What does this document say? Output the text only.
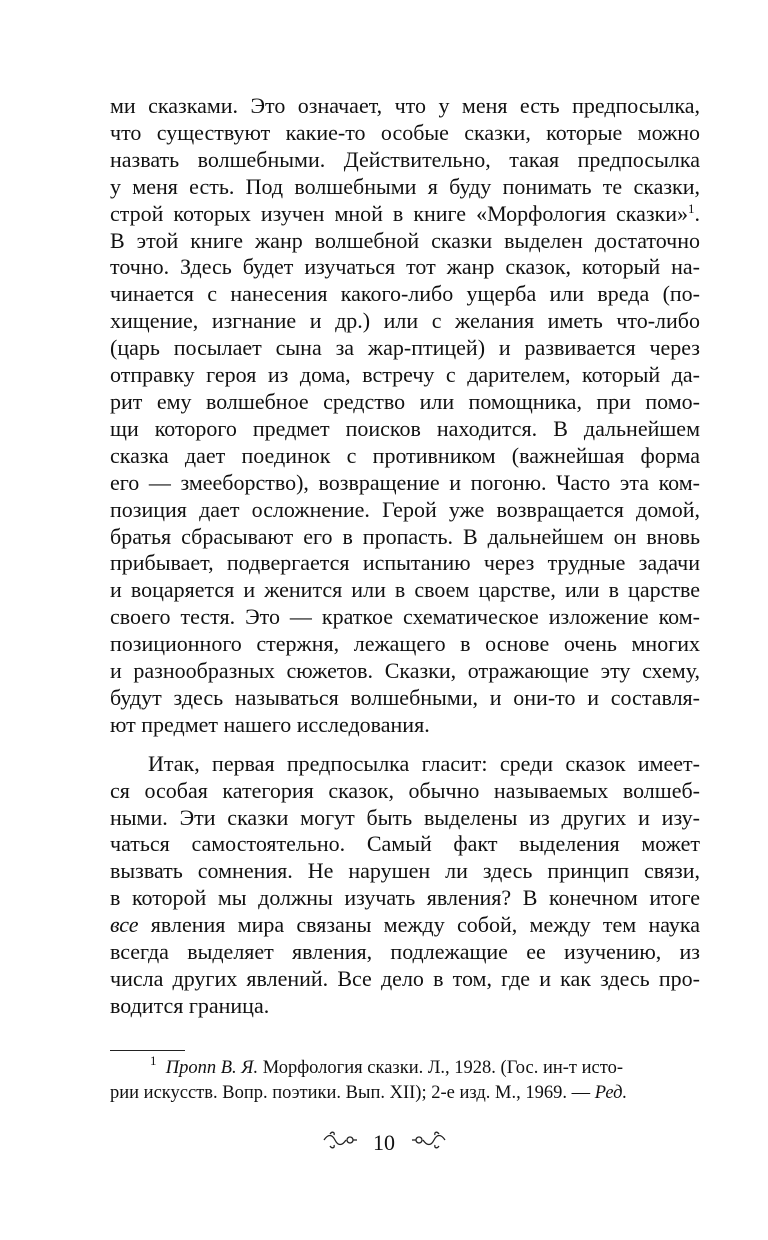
ми сказками. Это означает, что у меня есть предпосылка,
что существуют какие-то особые сказки, которые можно
назвать волшебными. Действительно, такая предпосылка
у меня есть. Под волшебными я буду понимать те сказки,
строй которых изучен мной в книге «Морфология сказки»$^1$.
В этой книге жанр волшебной сказки выделен достаточно
точно. Здесь будет изучаться тот жанр сказок, который на-
чинается с нанесения какого-либо ущерба или вреда (по-
хищение, изгнание и др.) или с желания иметь что-либо
(царь посылает сына за жар-птицей) и развивается через
отправку героя из дома, встречу с дарителем, который да-
рит ему волшебное средство или помощника, при помо-
щи которого предмет поисков находится. В дальнейшем
сказка дает поединок с противником (важнейшая форма
его — змееборство), возвращение и погоню. Часто эта ком-
позиция дает осложнение. Герой уже возвращается домой,
братья сбрасывают его в пропасть. В дальнейшем он вновь
прибывает, подвергается испытанию через трудные задачи
и воцаряется и женится или в своем царстве, или в царстве
своего тестя. Это — краткое схематическое изложение ком-
позиционного стержня, лежащего в основе очень многих
и разнообразных сюжетов. Сказки, отражающие эту схему,
будут здесь называться волшебными, и они-то и составля-
ют предмет нашего исследования.
Итак, первая предпосылка гласит: среди сказок имеет-
ся особая категория сказок, обычно называемых волшеб-
ными. Эти сказки могут быть выделены из других и изу-
чаться самостоятельно. Самый факт выделения может
вызвать сомнения. Не нарушен ли здесь принцип связи,
в которой мы должны изучать явления? В конечном итоге
все явления мира связаны между собой, между тем наука
всегда выделяет явления, подлежащие ее изучению, из
числа других явлений. Все дело в том, где и как здесь про-
водится граница.
$^1$ Пропп В. Я. Морфология сказки. Л., 1928. (Гос. ин-т исто-
рии искусств. Вопр. поэтики. Вып. XII); 2-е изд. М., 1969. — Ред.
10
